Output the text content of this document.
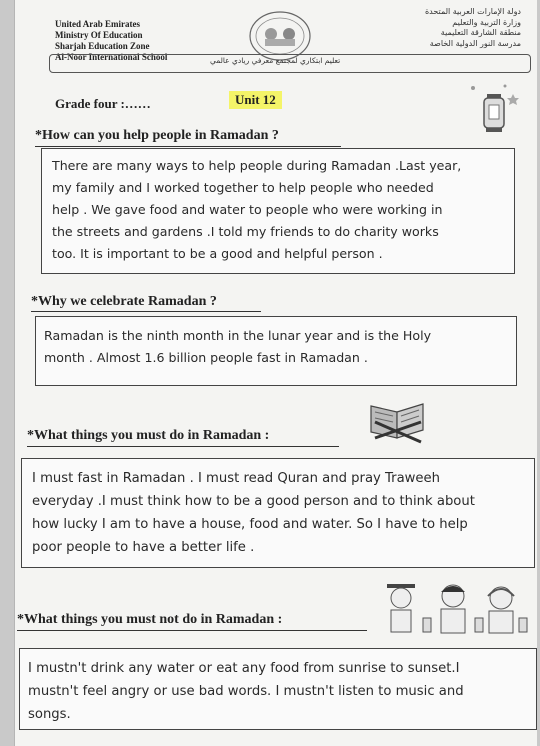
United Arab Emirates
Ministry Of Education
Sharjah Education Zone
Al-Noor International School
دولة الإمارات العربية المتحدة
وزارة التربية والتعليم
منطقة الشارقة التعليمية
مدرسة النور الدولية الخاصة
تعليم ابتكاري لمجتمع معرفي ريادي عالمي
Grade four :……	Unit 12
*How can you help people in Ramadan ?

There are many ways to help people during Ramadan .Last year,
my family and I worked together to help people who needed
help . We gave food and water to people who were working in
the streets and gardens .I told my friends to do charity works
too. It is important to be a good and helpful person .

*Why we celebrate Ramadan ?

Ramadan is the ninth month in the lunar year and is the Holy
month . Almost 1.6 billion people fast in Ramadan .

*What things you must do in Ramadan :

I must fast in Ramadan . I must read Quran and pray Traweeh
everyday .I must think how to be a good person and to think about
how lucky I am to have a house, food and water. So I have to help
poor people to have a better life .

*What things you must not do in Ramadan :

I mustn't drink any water or eat any food from sunrise to sunset.I
mustn't feel angry or use bad words. I mustn't listen to music and
songs.
